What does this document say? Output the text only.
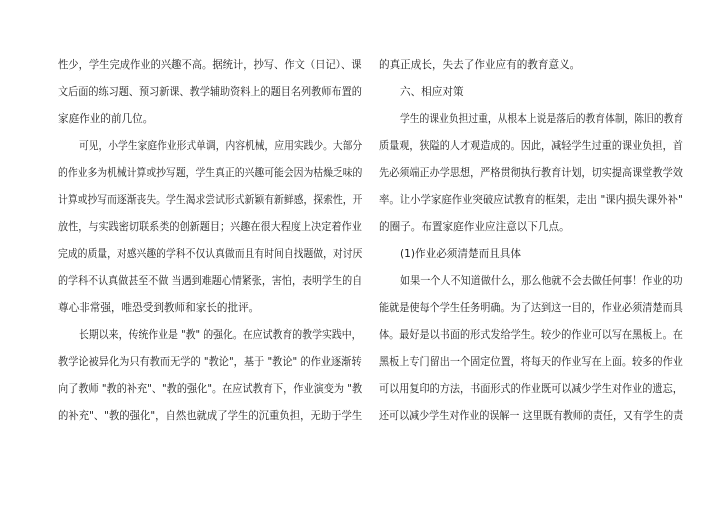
性少，学生完成作业的兴趣不高。据统计，抄写、作文（日记）、课
文后面的练习题、预习新课、教学辅助资料上的题目名列教师布置的
家庭作业的前几位。
可见，小学生家庭作业形式单调，内容机械，应用实践少。大部分
的作业多为机械计算或抄写题，学生真正的兴趣可能会因为枯燥乏味的
计算或抄写而逐渐丧失。学生渴求尝试形式新颖有新鲜感，探索性，开
放性，与实践密切联系类的创新题目；兴趣在很大程度上决定着作业
完成的质量，对感兴趣的学科不仅认真做而且有时间自找题做，对讨厌
的学科不认真做甚至不做 当遇到难题心情紧张，害怕，表明学生的自
尊心非常强，唯恐受到教师和家长的批评。
长期以来，传统作业是 "教" 的强化。在应试教育的教学实践中，
教学论被异化为只有教而无学的 "教论"，基于 "教论" 的作业逐渐转
向了教师 "教的补充"、"教的强化"。在应试教育下，作业演变为 "教
的补充"、"教的强化"，自然也就成了学生的沉重负担，无助于学生
的真正成长，失去了作业应有的教育意义。
六、相应对策
学生的课业负担过重，从根本上说是落后的教育体制，陈旧的教育
质量观，狭隘的人才观造成的。因此，减轻学生过重的课业负担，首
先必须端正办学思想，严格贯彻执行教育计划，切实提高课堂教学效
率。让小学家庭作业突破应试教育的框架，走出 "课内损失课外补"
的圈子。布置家庭作业应注意以下几点。
(1)作业必须清楚而且具体
如果一个人不知道做什么，那么他就不会去做任何事！作业的功
能就是使每个学生任务明确。为了达到这一目的，作业必须清楚而具
体。最好是以书面的形式发给学生。较少的作业可以写在黑板上。在
黑板上专门留出一个固定位置，将每天的作业写在上面。较多的作业
可以用复印的方法，书面形式的作业既可以减少学生对作业的遗忘，
还可以减少学生对作业的误解一 这里既有教师的责任，又有学生的责
